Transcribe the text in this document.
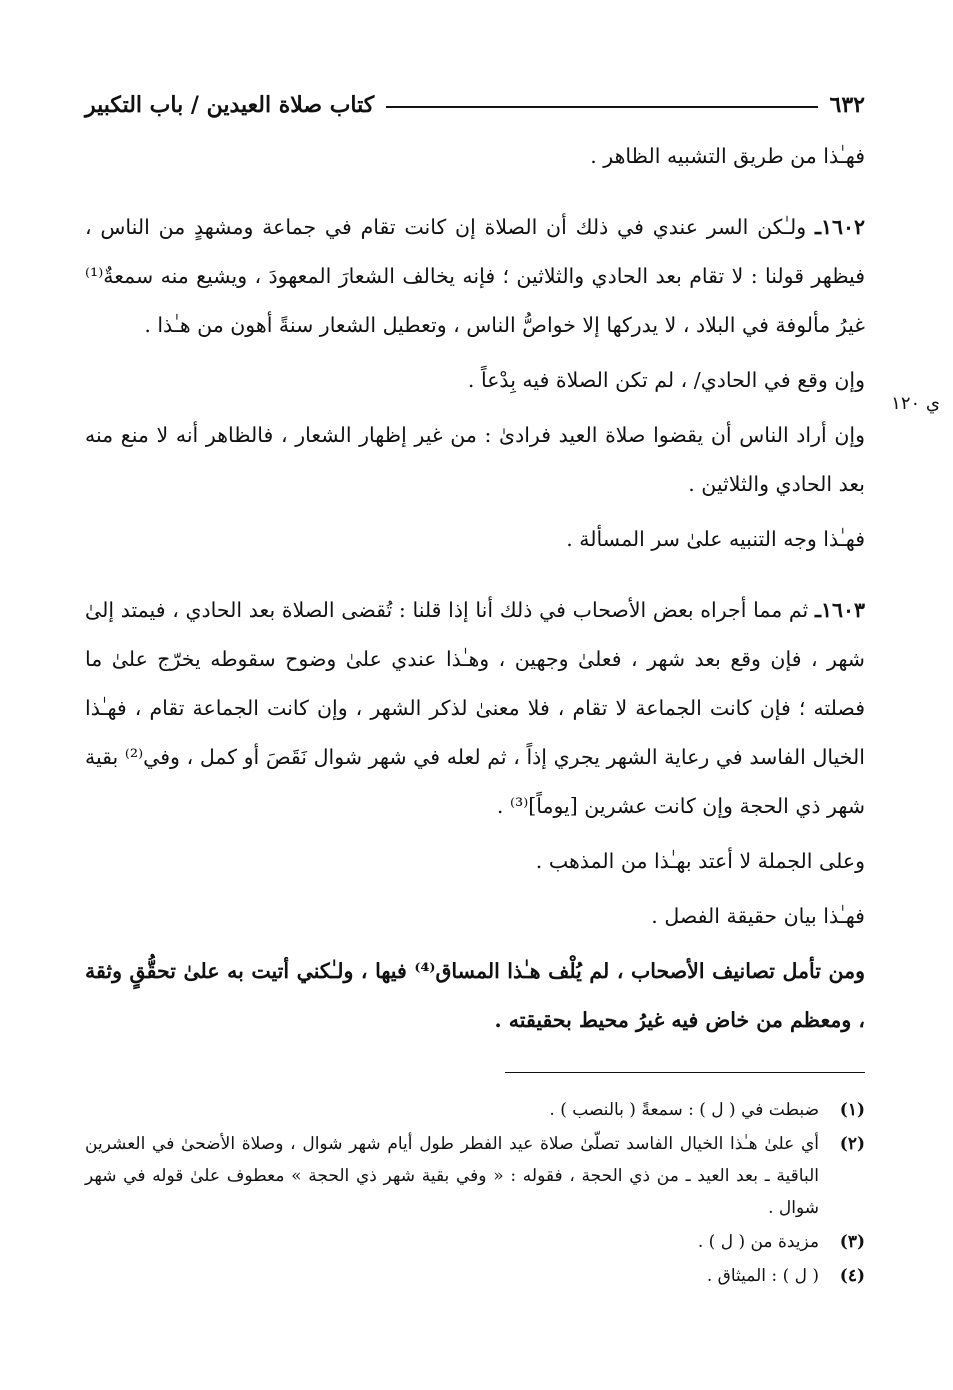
٦٣٢
كتاب صلاة العيدين / باب التكبير
ي ١٢٠

فهـٰذا من طريق التشبيه الظاهر .

١٦٠٢ـ ولـٰكن السر عندي في ذلك أن الصلاة إن كانت تقام في جماعة ومشهدٍ من الناس ، فيظهر قولنا : لا تقام بعد الحادي والثلاثين ؛ فإنه يخالف الشعارَ المعهودَ ، ويشيع منه سمعةٌ⁽¹⁾ غيرُ مألوفة في البلاد ، لا يدركها إلا خواصُّ الناس ، وتعطيل الشعار سنةً أهون من هـٰذا .

وإن وقع في الحادي/ ، لم تكن الصلاة فيه بِدْعاً .

وإن أراد الناس أن يقضوا صلاة العيد فرادىٰ : من غير إظهار الشعار ، فالظاهر أنه لا منع منه بعد الحادي والثلاثين .

فهـٰذا وجه التنبيه علىٰ سر المسألة .

١٦٠٣ـ ثم مما أجراه بعض الأصحاب في ذلك أنا إذا قلنا : تُقضى الصلاة بعد الحادي ، فيمتد إلىٰ شهر ، فإن وقع بعد شهر ، فعلىٰ وجهين ، وهـٰذا عندي علىٰ وضوح سقوطه يخرّج علىٰ ما فصلته ؛ فإن كانت الجماعة لا تقام ، فلا معنىٰ لذكر الشهر ، وإن كانت الجماعة تقام ، فهـٰذا الخيال الفاسد في رعاية الشهر يجري إذاً ، ثم لعله في شهر شوال نَقَصَ أو كمل ، وفي⁽²⁾ بقية شهر ذي الحجة وإن كانت عشرين [يوماً]⁽³⁾ .

وعلى الجملة لا أعتد بهـٰذا من المذهب .

فهـٰذا بيان حقيقة الفصل .

ومن تأمل تصانيف الأصحاب ، لم يُلْف هـٰذا المساق⁽⁴⁾ فيها ، ولـٰكني أتيت به علىٰ تحقُّقٍ وثقة ، ومعظم من خاض فيه غيرُ محيط بحقيقته .

(١)
ضبطت في ( ل ) : سمعةً ( بالنصب ) .
(٢)
أي علىٰ هـٰذا الخيال الفاسد تصلّىٰ صلاة عيد الفطر طول أيام شهر شوال ، وصلاة الأضحىٰ في العشرين الباقية ـ بعد العيد ـ من ذي الحجة ، فقوله : « وفي بقية شهر ذي الحجة » معطوف علىٰ قوله في شهر شوال .
(٣)
مزيدة من ( ل ) .
(٤)
( ل ) : الميثاق .
